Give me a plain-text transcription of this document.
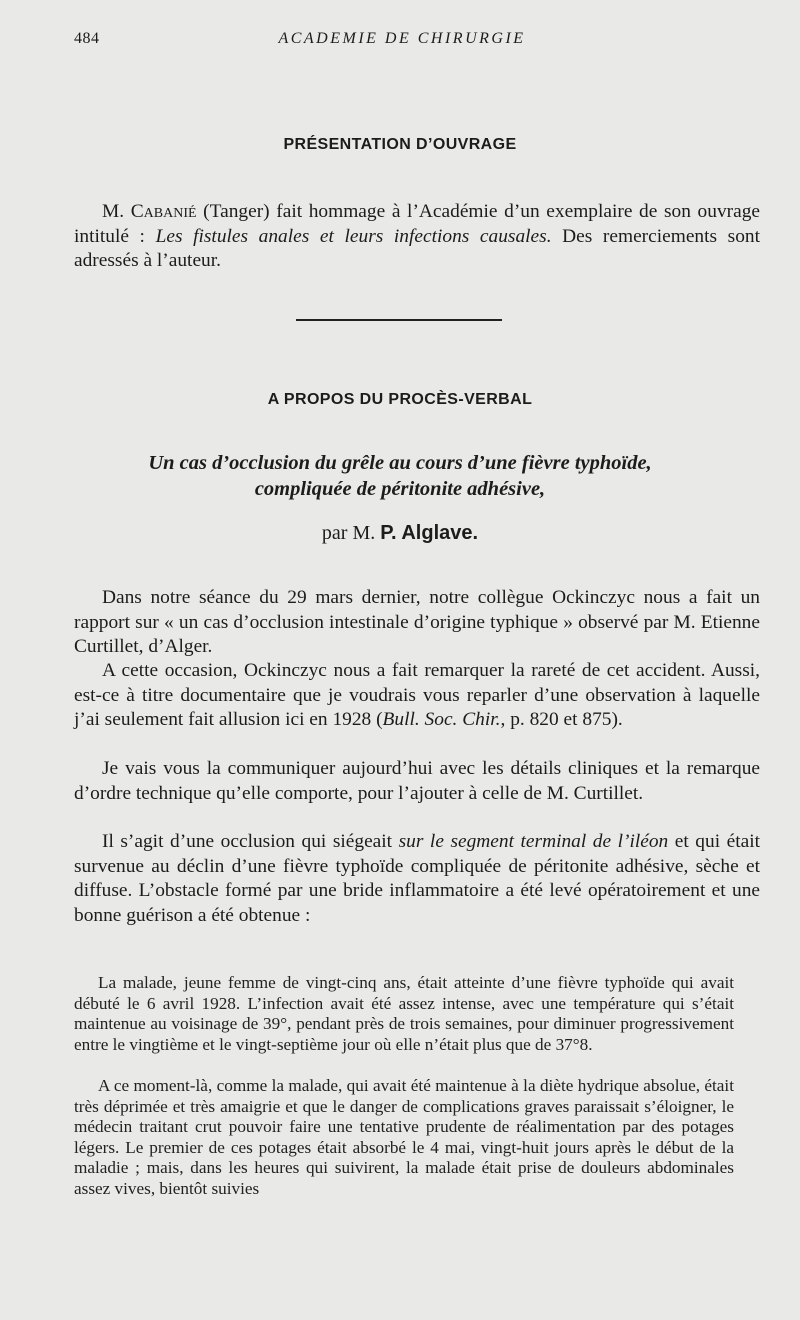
484	ACADEMIE DE CHIRURGIE
PRÉSENTATION D’OUVRAGE
M. Cabanié (Tanger) fait hommage à l’Académie d’un exemplaire de son ouvrage intitulé : Les fistules anales et leurs infections causales. Des remerciements sont adressés à l’auteur.
A PROPOS DU PROCÈS-VERBAL
Un cas d’occlusion du grêle au cours d’une fièvre typhoïde,
compliquée de péritonite adhésive,
par M. P. Alglave.
Dans notre séance du 29 mars dernier, notre collègue Ockinczyc nous a fait un rapport sur « un cas d’occlusion intestinale d’origine typhique » observé par M. Etienne Curtillet, d’Alger.
A cette occasion, Ockinczyc nous a fait remarquer la rareté de cet accident. Aussi, est-ce à titre documentaire que je voudrais vous reparler d’une observation à laquelle j’ai seulement fait allusion ici en 1928 (Bull. Soc. Chir., p. 820 et 875).
Je vais vous la communiquer aujourd’hui avec les détails cliniques et la remarque d’ordre technique qu’elle comporte, pour l’ajouter à celle de M. Curtillet.
Il s’agit d’une occlusion qui siégeait sur le segment terminal de l’iléon et qui était survenue au déclin d’une fièvre typhoïde compliquée de péritonite adhésive, sèche et diffuse. L’obstacle formé par une bride inflammatoire a été levé opératoirement et une bonne guérison a été obtenue :
La malade, jeune femme de vingt-cinq ans, était atteinte d’une fièvre typhoïde qui avait débuté le 6 avril 1928. L’infection avait été assez intense, avec une température qui s’était maintenue au voisinage de 39°, pendant près de trois semaines, pour diminuer progressivement entre le vingtième et le vingt-septième jour où elle n’était plus que de 37°8.
A ce moment-là, comme la malade, qui avait été maintenue à la diète hydrique absolue, était très déprimée et très amaigrie et que le danger de complications graves paraissait s’éloigner, le médecin traitant crut pouvoir faire une tentative prudente de réalimentation par des potages légers. Le premier de ces potages était absorbé le 4 mai, vingt-huit jours après le début de la maladie ; mais, dans les heures qui suivirent, la malade était prise de douleurs abdominales assez vives, bientôt suivies
